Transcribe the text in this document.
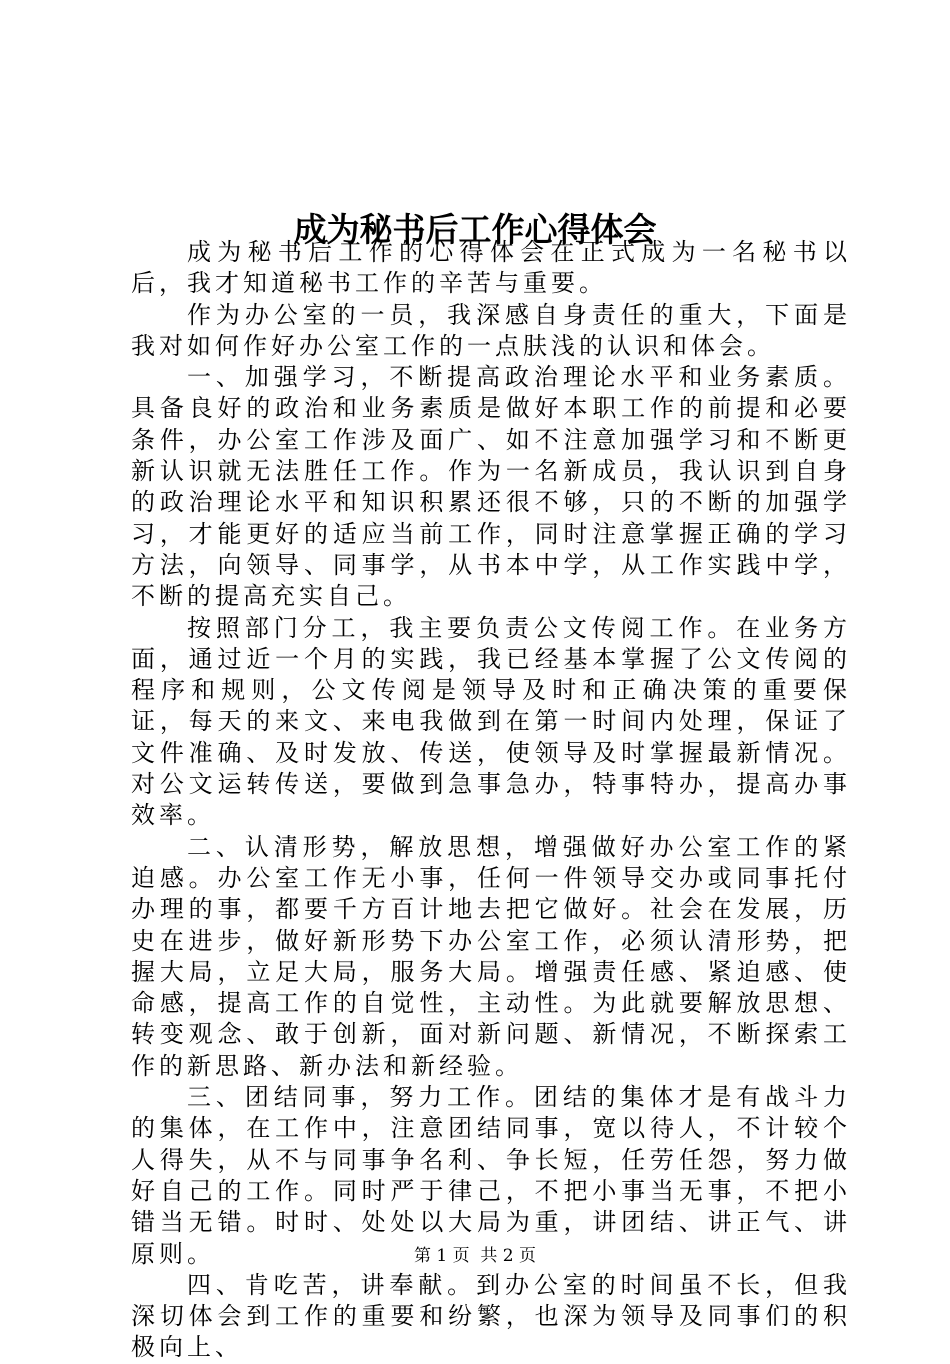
成为秘书后工作心得体会

成为秘书后工作的心得体会在正式成为一名秘书以后，我才知道秘书工作的辛苦与重要。

作为办公室的一员，我深感自身责任的重大，下面是我对如何作好办公室工作的一点肤浅的认识和体会。

一、加强学习，不断提高政治理论水平和业务素质。具备良好的政治和业务素质是做好本职工作的前提和必要条件，办公室工作涉及面广、如不注意加强学习和不断更新认识就无法胜任工作。作为一名新成员，我认识到自身的政治理论水平和知识积累还很不够，只的不断的加强学习，才能更好的适应当前工作，同时注意掌握正确的学习方法，向领导、同事学，从书本中学，从工作实践中学，不断的提高充实自己。

按照部门分工，我主要负责公文传阅工作。在业务方面，通过近一个月的实践，我已经基本掌握了公文传阅的程序和规则，公文传阅是领导及时和正确决策的重要保证，每天的来文、来电我做到在第一时间内处理，保证了文件准确、及时发放、传送，使领导及时掌握最新情况。对公文运转传送，要做到急事急办，特事特办，提高办事效率。

二、认清形势，解放思想，增强做好办公室工作的紧迫感。办公室工作无小事，任何一件领导交办或同事托付办理的事，都要千方百计地去把它做好。社会在发展，历史在进步，做好新形势下办公室工作，必须认清形势，把握大局，立足大局，服务大局。增强责任感、紧迫感、使命感，提高工作的自觉性，主动性。为此就要解放思想、转变观念、敢于创新，面对新问题、新情况，不断探索工作的新思路、新办法和新经验。

三、团结同事，努力工作。团结的集体才是有战斗力的集体，在工作中，注意团结同事，宽以待人，不计较个人得失，从不与同事争名利、争长短，任劳任怨，努力做好自己的工作。同时严于律己，不把小事当无事，不把小错当无错。时时、处处以大局为重，讲团结、讲正气、讲原则。

四、肯吃苦，讲奉献。到办公室的时间虽不长，但我深切体会到工作的重要和纷繁，也深为领导及同事们的积极向上、

第 1 页  共 2 页
